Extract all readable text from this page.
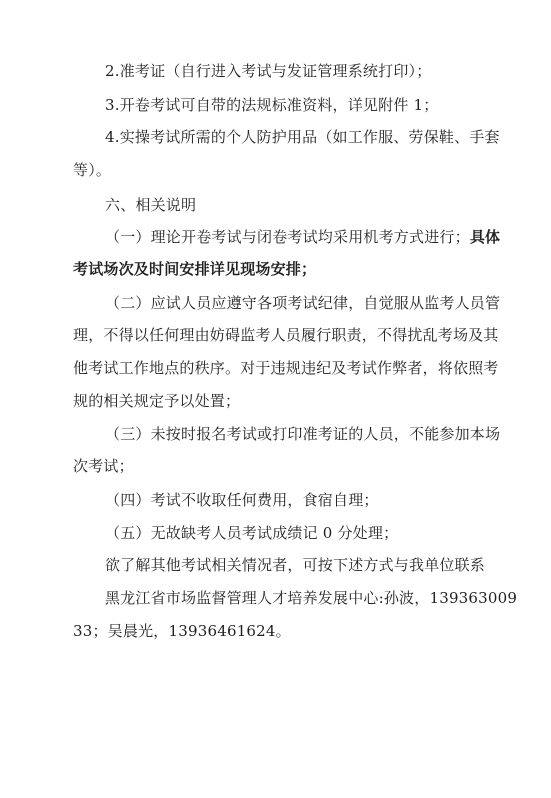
2.准考证（自行进入考试与发证管理系统打印）；
3.开卷考试可自带的法规标准资料，详见附件 1；
4.实操考试所需的个人防护用品（如工作服、劳保鞋、手套
等）。
六、相关说明
（一）理论开卷考试与闭卷考试均采用机考方式进行；具体
考试场次及时间安排详见现场安排；
（二）应试人员应遵守各项考试纪律，自觉服从监考人员管
理，不得以任何理由妨碍监考人员履行职责，不得扰乱考场及其
他考试工作地点的秩序。对于违规违纪及考试作弊者，将依照考
规的相关规定予以处置；
（三）未按时报名考试或打印准考证的人员，不能参加本场
次考试；
（四）考试不收取任何费用，食宿自理；
（五）无故缺考人员考试成绩记 0 分处理；
欲了解其他考试相关情况者，可按下述方式与我单位联系
黑龙江省市场监督管理人才培养发展中心:孙波，139363009
33；吴晨光，13936461624。
